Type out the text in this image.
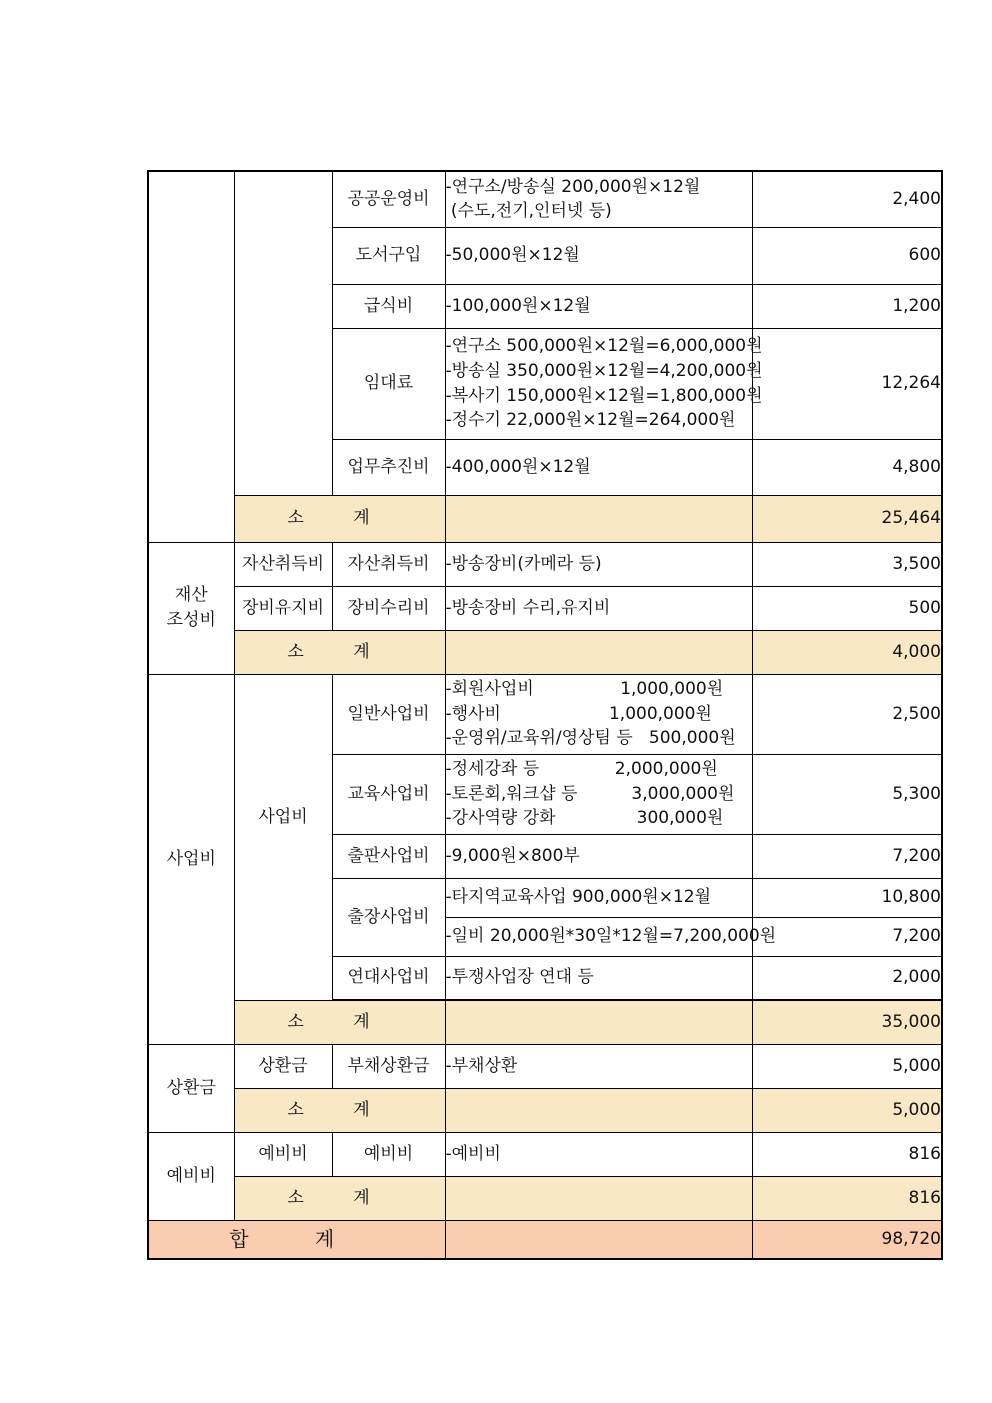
		공공운영비	-연구소/방송실 200,000원×12월
(수도,전기,인터넷 등)	2,400
		도서구입	-50,000원×12월	600
		급식비	-100,000원×12월	1,200
		임대료	-연구소 500,000원×12월=6,000,000원
-방송실 350,000원×12월=4,200,000원
-복사기 150,000원×12월=1,800,000원
-정수기 22,000원×12월=264,000원	12,264
		업무추진비	-400,000원×12월	4,800
	소 계			25,464

재산
조성비	자산취득비	자산취득비	-방송장비(카메라 등)	3,500
	장비유지비	장비수리비	-방송장비 수리,유지비	500
	소 계			4,000
사업비	사업비	일반사업비	-회원사업비                1,000,000원
-행사비                    1,000,000원
-운영위/교육위/영상팀 등   500,000원	2,500
		교육사업비	-정세강좌 등              2,000,000원
-토론회,워크샵 등          3,000,000원
-강사역량 강화               300,000원	5,300
		출판사업비	-9,000원×800부	7,200
		출장사업비	-타지역교육사업 900,000원×12월	10,800

			-일비 20,000원*30일*12월=7,200,000원	7,200
		연대사업비	-투쟁사업장 연대 등	2,000

	소 계			35,000
상환금	상환금	부채상환금	-부채상환	5,000
	소 계			5,000
예비비	예비비	예비비	-예비비	816
	소 계			816
합 계				98,720
